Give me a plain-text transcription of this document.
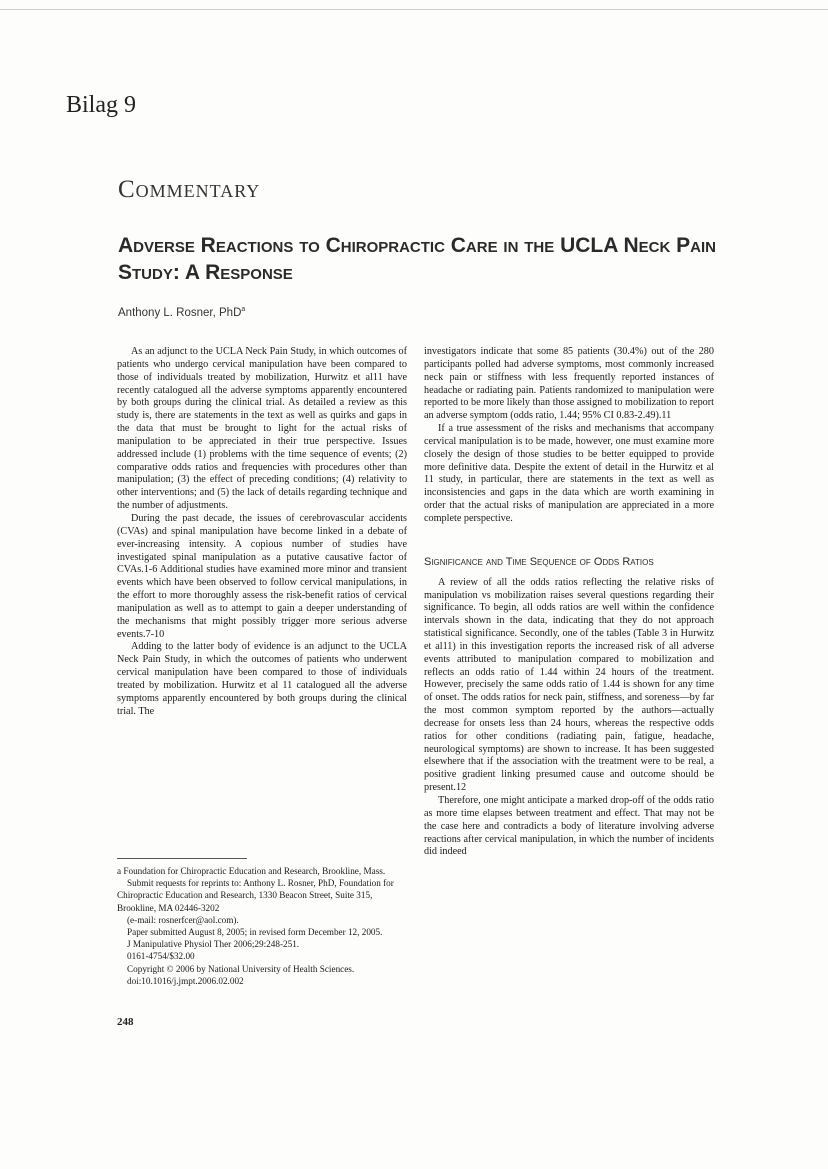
Bilag 9
Commentary
Adverse Reactions to Chiropractic Care in the UCLA Neck Pain Study: A Response
Anthony L. Rosner, PhD$^a$

As an adjunct to the UCLA Neck Pain Study, in which outcomes of patients who undergo cervical manipulation have been compared to those of individuals treated by mobilization, Hurwitz et al11 have recently catalogued all the adverse symptoms apparently encountered by both groups during the clinical trial. As detailed a review as this study is, there are statements in the text as well as quirks and gaps in the data that must be brought to light for the actual risks of manipulation to be appreciated in their true perspective. Issues addressed include (1) problems with the time sequence of events; (2) comparative odds ratios and frequencies with procedures other than manipulation; (3) the effect of preceding conditions; (4) relativity to other interventions; and (5) the lack of details regarding technique and the number of adjustments.

During the past decade, the issues of cerebrovascular accidents (CVAs) and spinal manipulation have become linked in a debate of ever-increasing intensity. A copious number of studies have investigated spinal manipulation as a putative causative factor of CVAs.1-6 Additional studies have examined more minor and transient events which have been observed to follow cervical manipulations, in the effort to more thoroughly assess the risk-benefit ratios of cervical manipulation as well as to attempt to gain a deeper understanding of the mechanisms that might possibly trigger more serious adverse events.7-10

Adding to the latter body of evidence is an adjunct to the UCLA Neck Pain Study, in which the outcomes of patients who underwent cervical manipulation have been compared to those of individuals treated by mobilization. Hurwitz et al 11 catalogued all the adverse symptoms apparently encountered by both groups during the clinical trial. The

investigators indicate that some 85 patients (30.4%) out of the 280 participants polled had adverse symptoms, most commonly increased neck pain or stiffness with less frequently reported instances of headache or radiating pain. Patients randomized to manipulation were reported to be more likely than those assigned to mobilization to report an adverse symptom (odds ratio, 1.44; 95% CI 0.83-2.49).11

If a true assessment of the risks and mechanisms that accompany cervical manipulation is to be made, however, one must examine more closely the design of those studies to be better equipped to provide more definitive data. Despite the extent of detail in the Hurwitz et al 11 study, in particular, there are statements in the text as well as inconsistencies and gaps in the data which are worth examining in order that the actual risks of manipulation are appreciated in a more complete perspective.

Significance and Time Sequence of Odds Ratios

A review of all the odds ratios reflecting the relative risks of manipulation vs mobilization raises several questions regarding their significance. To begin, all odds ratios are well within the confidence intervals shown in the data, indicating that they do not approach statistical significance. Secondly, one of the tables (Table 3 in Hurwitz et al11) in this investigation reports the increased risk of all adverse events attributed to manipulation compared to mobilization and reflects an odds ratio of 1.44 within 24 hours of the treatment. However, precisely the same odds ratio of 1.44 is shown for any time of onset. The odds ratios for neck pain, stiffness, and soreness—by far the most common symptom reported by the authors—actually decrease for onsets less than 24 hours, whereas the respective odds ratios for other conditions (radiating pain, fatigue, headache, neurological symptoms) are shown to increase. It has been suggested elsewhere that if the association with the treatment were to be real, a positive gradient linking presumed cause and outcome should be present.12

Therefore, one might anticipate a marked drop-off of the odds ratio as more time elapses between treatment and effect. That may not be the case here and contradicts a body of literature involving adverse reactions after cervical manipulation, in which the number of incidents did indeed

a Foundation for Chiropractic Education and Research, Brookline, Mass.

Submit requests for reprints to: Anthony L. Rosner, PhD, Foundation for Chiropractic Education and Research, 1330 Beacon Street, Suite 315, Brookline, MA 02446-3202

(e-mail: rosnerfcer@aol.com).

Paper submitted August 8, 2005; in revised form December 12, 2005.

J Manipulative Physiol Ther 2006;29:248-251.

0161-4754/$32.00

Copyright © 2006 by National University of Health Sciences.

doi:10.1016/j.jmpt.2006.02.002

248
